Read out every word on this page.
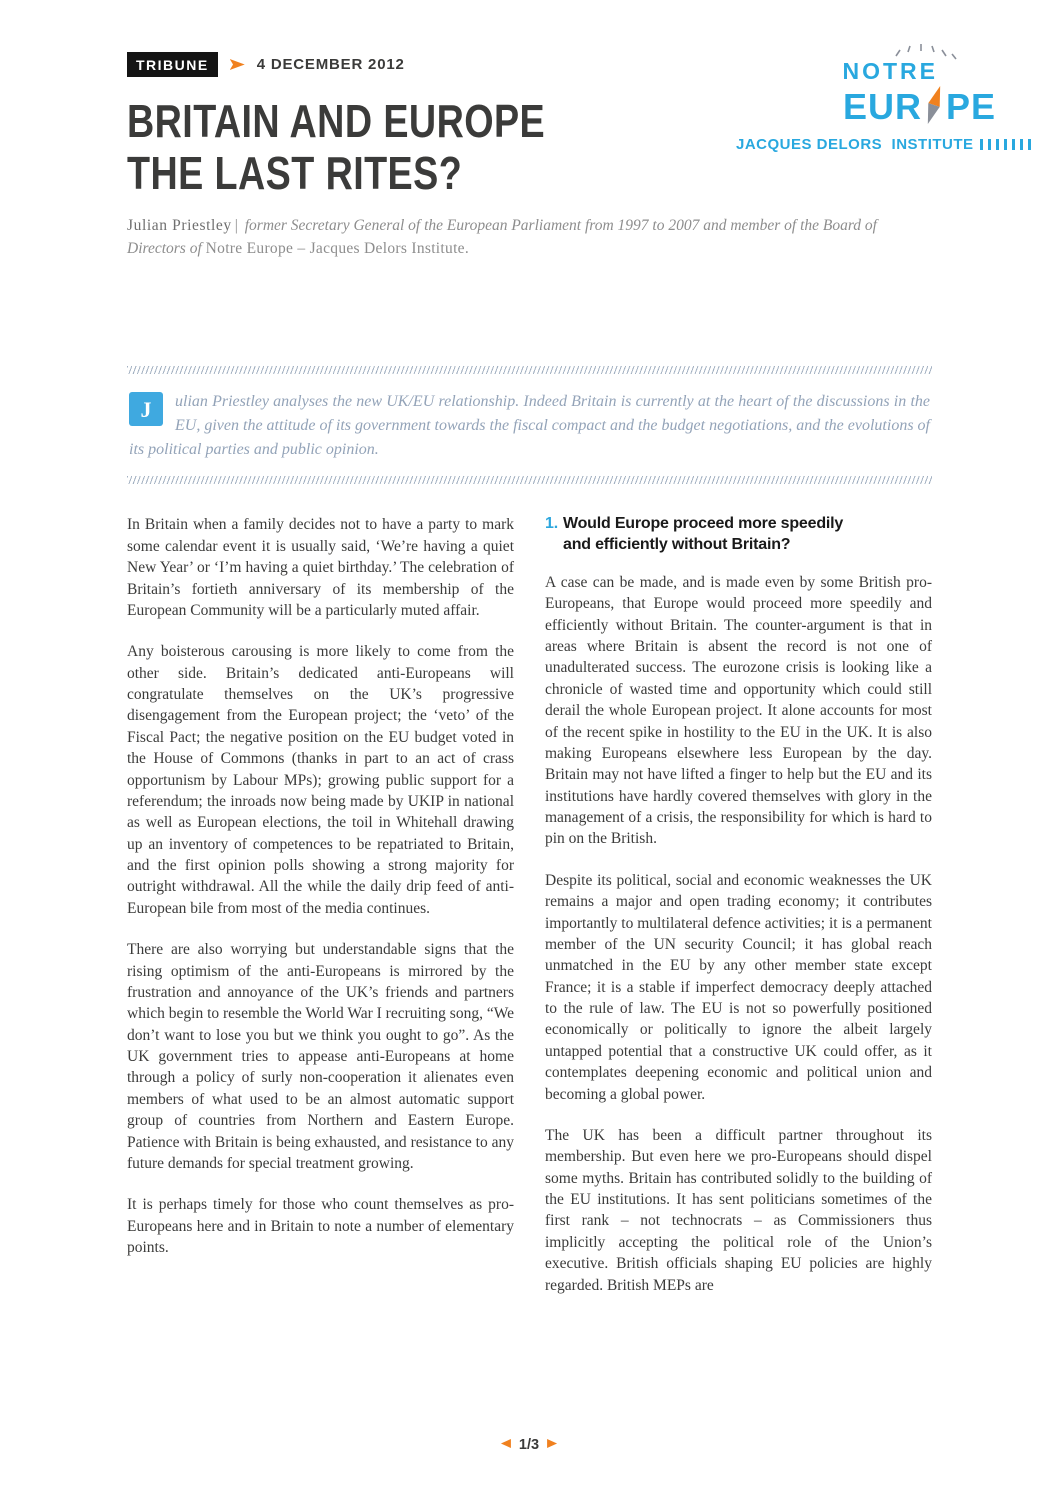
TRIBUNE	4 DECEMBER 2012
BRITAIN AND EUROPE
THE LAST RITES?

Julian Priestley | former Secretary General of the European Parliament from 1997 to 2007 and member of the Board of Directors of Notre Europe – Jacques Delors Institute.

NOTRE
EUR PE
JACQUES DELORS INSTITUTE
J	ulian Priestley analyses the new UK/EU relationship. Indeed Britain is currently at the heart of the discussions in the EU, given the attitude of its government towards the fiscal compact and the budget negotiations, and the evolutions of its political parties and public opinion.

In Britain when a family decides not to have a party to mark some calendar event it is usually said, ‘We’re having a quiet New Year’ or ‘I’m having a quiet birthday.’ The celebration of Britain’s fortieth anniversary of its membership of the European Community will be a particularly muted affair.

Any boisterous carousing is more likely to come from the other side. Britain’s dedicated anti-Europeans will congratulate themselves on the UK’s progressive disengagement from the European project; the ‘veto’ of the Fiscal Pact; the negative position on the EU budget voted in the House of Commons (thanks in part to an act of crass opportunism by Labour MPs); growing public support for a referendum; the inroads now being made by UKIP in national as well as European elections, the toil in Whitehall drawing up an inventory of competences to be repatriated to Britain, and the first opinion polls showing a strong majority for outright withdrawal. All the while the daily drip feed of anti-European bile from most of the media continues.

There are also worrying but understandable signs that the rising optimism of the anti-Europeans is mirrored by the frustration and annoyance of the UK’s friends and partners which begin to resemble the World War I recruiting song, “We don’t want to lose you but we think you ought to go”. As the UK government tries to appease anti-Europeans at home through a policy of surly non-cooperation it alienates even members of what used to be an almost automatic support group of countries from Northern and Eastern Europe. Patience with Britain is being exhausted, and resistance to any future demands for special treatment growing.

It is perhaps timely for those who count themselves as pro-Europeans here and in Britain to note a number of elementary points.

1. Would Europe proceed more speedily and efficiently without Britain?

A case can be made, and is made even by some British pro-Europeans, that Europe would proceed more speedily and efficiently without Britain. The counter-argument is that in areas where Britain is absent the record is not one of unadulterated success. The eurozone crisis is looking like a chronicle of wasted time and opportunity which could still derail the whole European project. It alone accounts for most of the recent spike in hostility to the EU in the UK. It is also making Europeans elsewhere less European by the day. Britain may not have lifted a finger to help but the EU and its institutions have hardly covered themselves with glory in the management of a crisis, the responsibility for which is hard to pin on the British.

Despite its political, social and economic weaknesses the UK remains a major and open trading economy; it contributes importantly to multilateral defence activities; it is a permanent member of the UN security Council; it has global reach unmatched in the EU by any other member state except France; it is a stable if imperfect democracy deeply attached to the rule of law. The EU is not so powerfully positioned economically or politically to ignore the albeit largely untapped potential that a constructive UK could offer, as it contemplates deepening economic and political union and becoming a global power.

The UK has been a difficult partner throughout its membership. But even here we pro-Europeans should dispel some myths. Britain has contributed solidly to the building of the EU institutions. It has sent politicians sometimes of the first rank – not technocrats – as Commissioners thus implicitly accepting the political role of the Union’s executive. British officials shaping EU policies are highly regarded. British MEPs are

1/3
